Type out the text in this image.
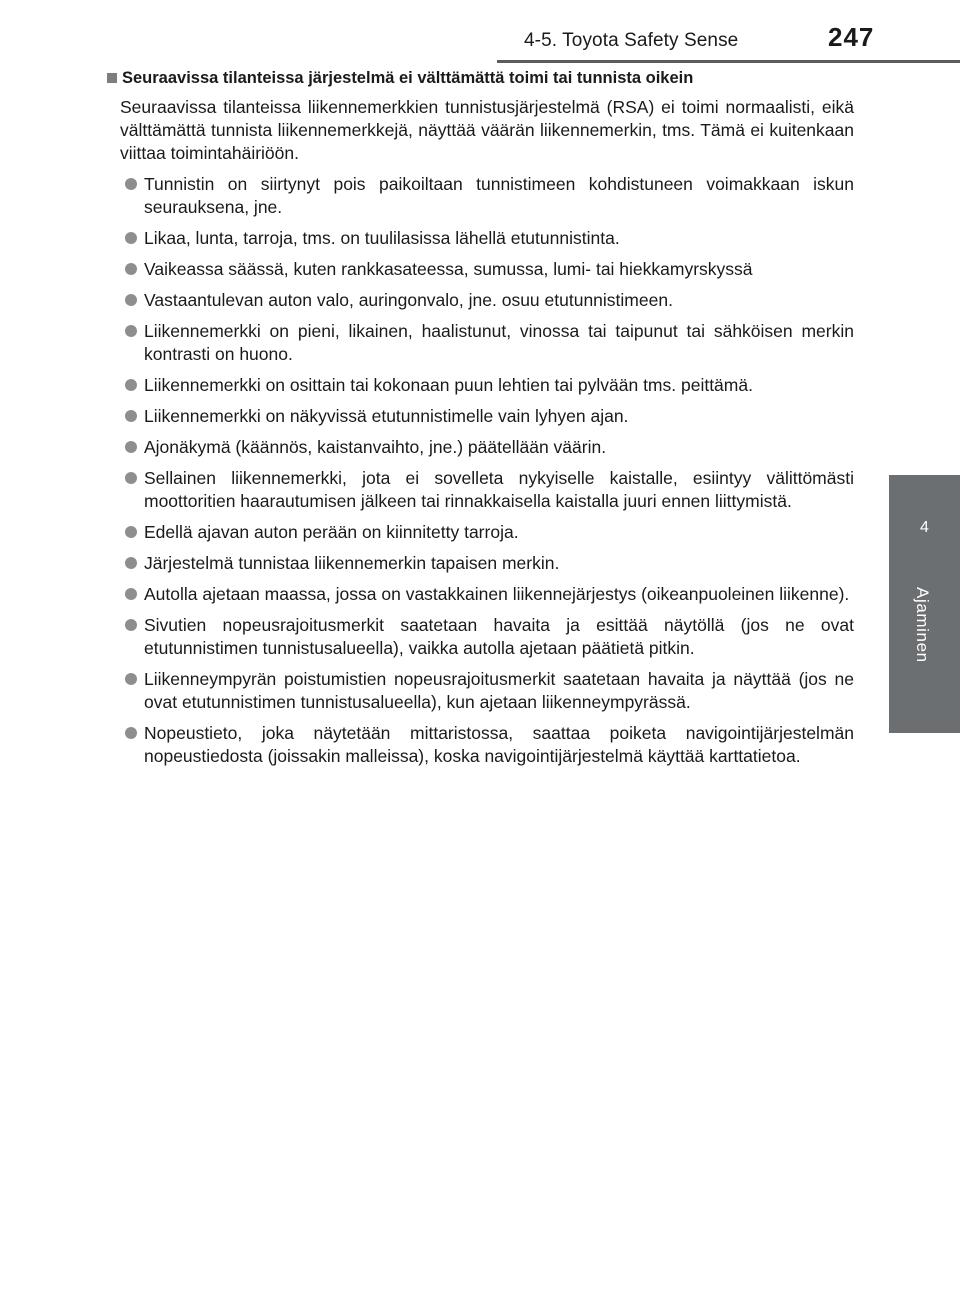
4-5. Toyota Safety Sense	247
4
Ajaminen
Seuraavissa tilanteissa järjestelmä ei välttämättä toimi tai tunnista oikein

Seuraavissa tilanteissa liikennemerkkien tunnistusjärjestelmä (RSA) ei toimi normaalisti, eikä välttämättä tunnista liikennemerkkejä, näyttää väärän liikennemerkin, tms. Tämä ei kuitenkaan viittaa toimintahäiriöön.

Tunnistin on siirtynyt pois paikoiltaan tunnistimeen kohdistuneen voimakkaan iskun seurauksena, jne.
Likaa, lunta, tarroja, tms. on tuulilasissa lähellä etutunnistinta.
Vaikeassa säässä, kuten rankkasateessa, sumussa, lumi- tai hiekkamyrskyssä
Vastaantulevan auton valo, auringonvalo, jne. osuu etutunnistimeen.
Liikennemerkki on pieni, likainen, haalistunut, vinossa tai taipunut tai sähköisen merkin kontrasti on huono.
Liikennemerkki on osittain tai kokonaan puun lehtien tai pylvään tms. peittämä.
Liikennemerkki on näkyvissä etutunnistimelle vain lyhyen ajan.
Ajonäkymä (käännös, kaistanvaihto, jne.) päätellään väärin.
Sellainen liikennemerkki, jota ei sovelleta nykyiselle kaistalle, esiintyy välittömästi moottoritien haarautumisen jälkeen tai rinnakkaisella kaistalla juuri ennen liittymistä.
Edellä ajavan auton perään on kiinnitetty tarroja.
Järjestelmä tunnistaa liikennemerkin tapaisen merkin.
Autolla ajetaan maassa, jossa on vastakkainen liikennejärjestys (oikeanpuoleinen liikenne).
Sivutien nopeusrajoitusmerkit saatetaan havaita ja esittää näytöllä (jos ne ovat etutunnistimen tunnistusalueella), vaikka autolla ajetaan päätietä pitkin.
Liikenneympyrän poistumistien nopeusrajoitusmerkit saatetaan havaita ja näyttää (jos ne ovat etutunnistimen tunnistusalueella), kun ajetaan liikenneympyrässä.
Nopeustieto, joka näytetään mittaristossa, saattaa poiketa navigointijärjestelmän nopeustiedosta (joissakin malleissa), koska navigointijärjestelmä käyttää karttatietoa.
